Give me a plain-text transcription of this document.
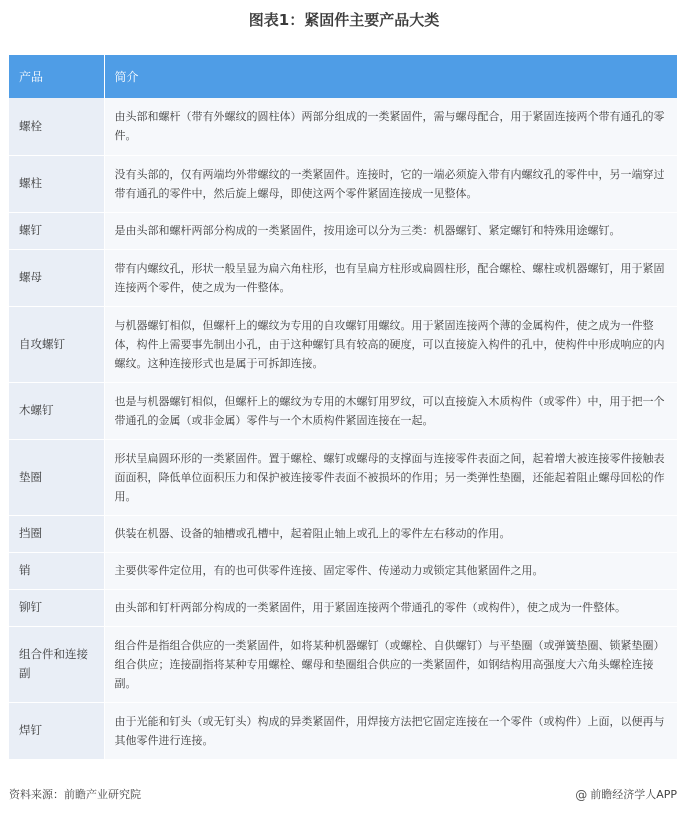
图表1：紧固件主要产品大类
产品	简介
螺栓	由头部和螺杆（带有外螺纹的圆柱体）两部分组成的一类紧固件，需与螺母配合，用于紧固连接两个带有通孔的零件。
螺柱	没有头部的，仅有两端均外带螺纹的一类紧固件。连接时，它的一端必须旋入带有内螺纹孔的零件中，另一端穿过带有通孔的零件中，然后旋上螺母，即使这两个零件紧固连接成一见整体。
螺钉	是由头部和螺杆两部分构成的一类紧固件，按用途可以分为三类：机器螺钉、紧定螺钉和特殊用途螺钉。
螺母	带有内螺纹孔，形状一般呈显为扁六角柱形，也有呈扁方柱形或扁圆柱形，配合螺栓、螺柱或机器螺钉，用于紧固连接两个零件，使之成为一件整体。
自攻螺钉	与机器螺钉相似，但螺杆上的螺纹为专用的自攻螺钉用螺纹。用于紧固连接两个薄的金属构件，使之成为一件整体，构件上需要事先制出小孔，由于这种螺钉具有较高的硬度，可以直接旋入构件的孔中，使构件中形成响应的内螺纹。这种连接形式也是属于可拆卸连接。
木螺钉	也是与机器螺钉相似，但螺杆上的螺纹为专用的木螺钉用罗纹，可以直接旋入木质构件（或零件）中，用于把一个带通孔的金属（或非金属）零件与一个木质构件紧固连接在一起。
垫圈	形状呈扁圆环形的一类紧固件。置于螺栓、螺钉或螺母的支撑面与连接零件表面之间，起着增大被连接零件接触表面面积，降低单位面积压力和保护被连接零件表面不被损坏的作用；另一类弹性垫圈，还能起着阻止螺母回松的作用。
挡圈	供装在机器、设备的轴槽或孔槽中，起着阻止轴上或孔上的零件左右移动的作用。
销	主要供零件定位用，有的也可供零件连接、固定零件、传递动力或锁定其他紧固件之用。
铆钉	由头部和钉杆两部分构成的一类紧固件，用于紧固连接两个带通孔的零件（或构件），使之成为一件整体。
组合件和连接副	组合件是指组合供应的一类紧固件，如将某种机器螺钉（或螺栓、自供螺钉）与平垫圈（或弹簧垫圈、锁紧垫圈）组合供应；连接副指将某种专用螺栓、螺母和垫圈组合供应的一类紧固件，如钢结构用高强度大六角头螺栓连接副。
焊钉	由于光能和钉头（或无钉头）构成的异类紧固件，用焊接方法把它固定连接在一个零件（或构件）上面，以便再与其他零件进行连接。
资料来源：前瞻产业研究院	@ 前瞻经济学人APP
